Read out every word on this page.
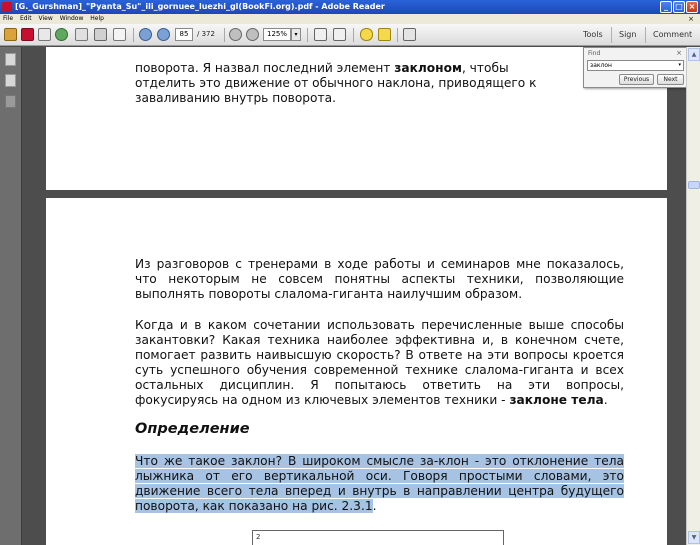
[G._Gurshman]_"Pyanta_Su"_ili_gornuee_luezhi_gl(BookFi.org).pdf - Adobe Reader	_ □ ×
File Edit View Window Help	×
85	/ 372	125%	▾	Tools Sign Comment
поворота. Я назвал последний элемент заклоном, чтобы
отделить это движение от обычного наклона, приводящего к
заваливанию внутрь поворота.
Из разговоров с тренерами в ходе работы и семинаров мне показалось, что некоторым не совсем понятны аспекты техники, позволяющие выполнять повороты слалома-гиганта наилучшим образом.
Когда и в каком сочетании использовать перечисленные выше способы закантовки? Какая техника наиболее эффективна и, в конечном счете, помогает развить наивысшую скорость? В ответе на эти вопросы кроется суть успешного обучения современной технике слалома-гиганта и всех остальных дисциплин. Я попытаюсь ответить на эти вопросы, фокусируясь на одном из ключевых элементов техники - заклоне тела.
Определение
Что же такое заклон? В широком смысле за-клон - это отклонение тела лыжника от его вертикальной оси. Говоря простыми словами, это движение всего тела вперед и внутрь в направлении центра будущего поворота, как показано на рис. 2.3.1.
2
Find	×
заклон	▾
Previous	Next
▲
▼
